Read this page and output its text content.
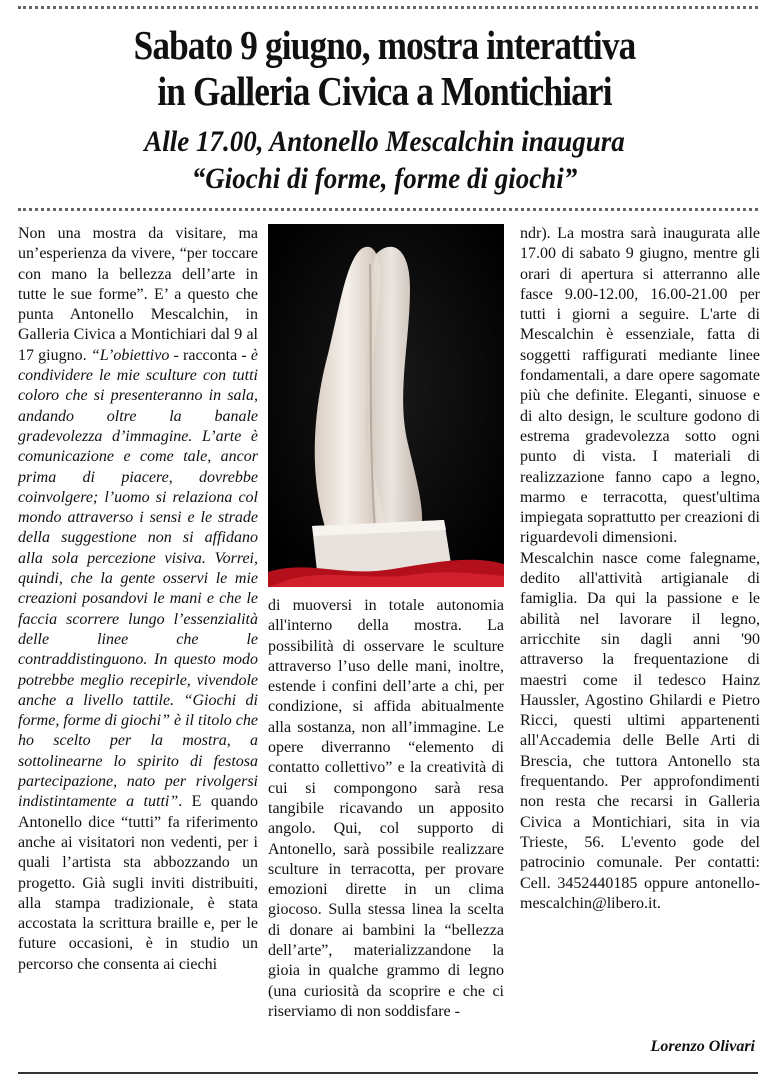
Sabato 9 giugno, mostra interattiva
in Galleria Civica a Montichiari
Alle 17.00, Antonello Mescalchin inaugura
“Giochi di forme, forme di giochi”

Non una mostra da visitare, ma un’esperienza da vivere, “per toccare con mano la bellezza dell’arte in tutte le sue forme”. E’ a questo che punta Antonello Mescalchin, in Galleria Civica a Montichiari dal 9 al 17 giugno. “L’obiettivo - racconta - è condividere le mie sculture con tutti coloro che si presenteranno in sala, andando oltre la banale gradevolezza d’immagine. L’arte è comunicazione e come tale, ancor prima di piacere, dovrebbe coinvolgere; l’uomo si relaziona col mondo attraverso i sensi e le strade della suggestione non si affidano alla sola percezione visiva. Vorrei, quindi, che la gente osservi le mie creazioni posandovi le mani e che le faccia scorrere lungo l’essenzialità delle linee che le contraddistinguono. In questo modo potrebbe meglio recepirle, vivendole anche a livello tattile. “Giochi di forme, forme di giochi” è il titolo che ho scelto per la mostra, a sottolinearne lo spirito di festosa partecipazione, nato per rivolgersi indistintamente a tutti”. E quando Antonello dice “tutti” fa riferimento anche ai visitatori non vedenti, per i quali l’artista sta abbozzando un progetto. Già sugli inviti distribuiti, alla stampa tradizionale, è stata accostata la scrittura braille e, per le future occasioni, è in studio un percorso che consenta ai ciechi

di muoversi in totale autonomia all'interno della mostra. La possibilità di osservare le sculture attraverso l’uso delle mani, inoltre, estende i confini dell’arte a chi, per condizione, si affida abitualmente alla sostanza, non all’immagine. Le opere diverranno “elemento di contatto collettivo” e la creatività di cui si compongono sarà resa tangibile ricavando un apposito angolo. Qui, col supporto di Antonello, sarà possibile realizzare sculture in terracotta, per provare emozioni dirette in un clima giocoso. Sulla stessa linea la scelta di donare ai bambini la “bellezza dell’arte”, materializzandone la gioia in qualche grammo di legno (una curiosità da scoprire e che ci riserviamo di non soddisfare -

ndr). La mostra sarà inaugurata alle 17.00 di sabato 9 giugno, mentre gli orari di apertura si atterranno alle fasce 9.00-12.00, 16.00-21.00 per tutti i giorni a seguire. L'arte di Mescalchin è essenziale, fatta di soggetti raffigurati mediante linee fondamentali, a dare opere sagomate più che definite. Eleganti, sinuose e di alto design, le sculture godono di estrema gradevolezza sotto ogni punto di vista. I materiali di realizzazione fanno capo a legno, marmo e terracotta, quest'ultima impiegata soprattutto per creazioni di riguardevoli dimensioni.

Mescalchin nasce come falegname, dedito all'attività artigianale di famiglia. Da qui la passione e le abilità nel lavorare il legno, arricchite sin dagli anni '90 attraverso la frequentazione di maestri come il tedesco Hainz Haussler, Agostino Ghilardi e Pietro Ricci, questi ultimi appartenenti all'Accademia delle Belle Arti di Brescia, che tuttora Antonello sta frequentando. Per approfondimenti non resta che recarsi in Galleria Civica a Montichiari, sita in via Trieste, 56. L'evento gode del patrocinio comunale. Per contatti: Cell. 3452440185 oppure antonello-mescalchin@libero.it.

Lorenzo Olivari
